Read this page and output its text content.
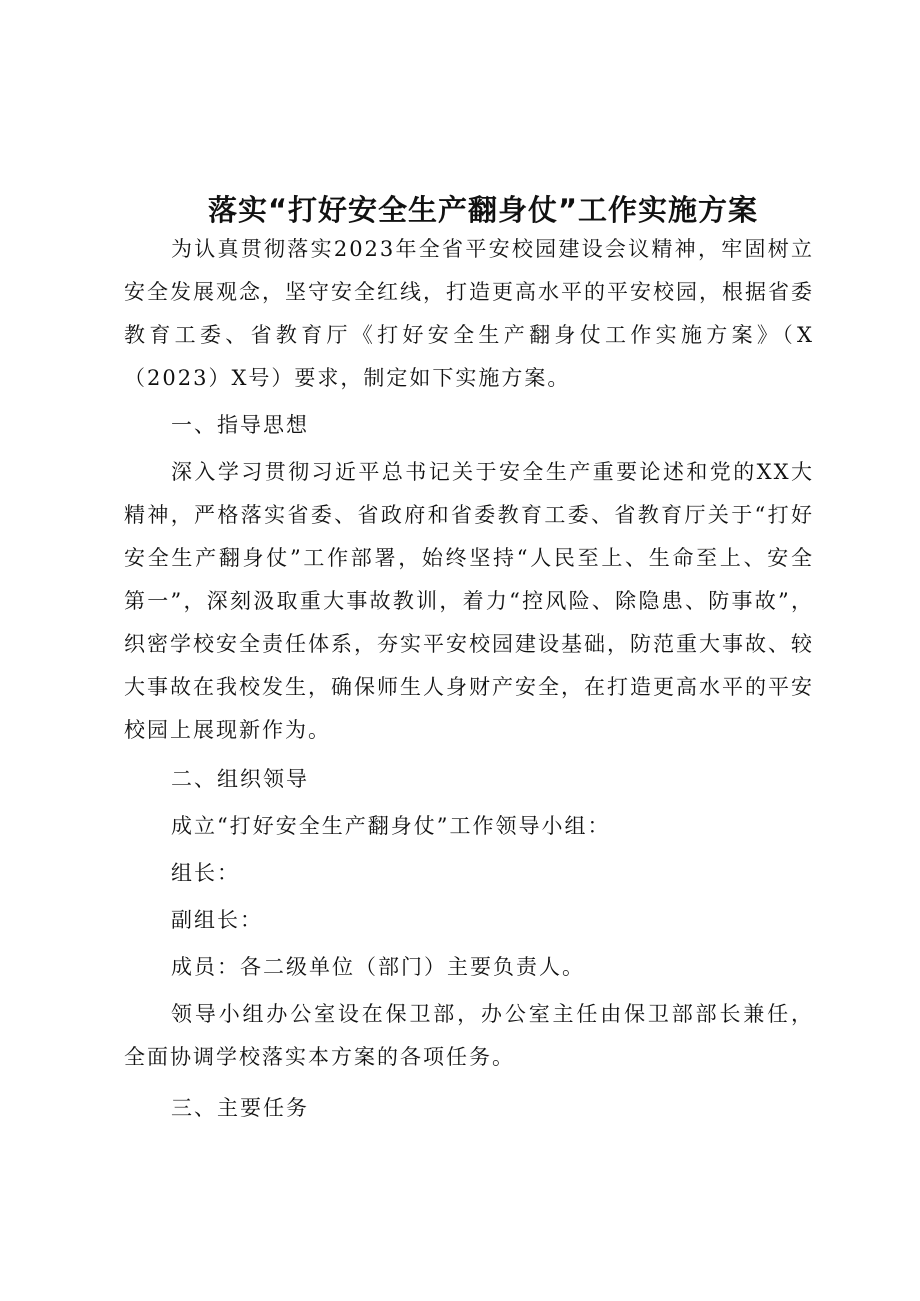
落实“打好安全生产翻身仗”工作实施方案

为认真贯彻落实2023年全省平安校园建设会议精神，牢固树立安全发展观念，坚守安全红线，打造更高水平的平安校园，根据省委教育工委、省教育厅《打好安全生产翻身仗工作实施方案》（X（2023）X号）要求，制定如下实施方案。

一、指导思想

深入学习贯彻习近平总书记关于安全生产重要论述和党的XX大精神，严格落实省委、省政府和省委教育工委、省教育厅关于“打好安全生产翻身仗”工作部署，始终坚持“人民至上、生命至上、安全第一”，深刻汲取重大事故教训，着力“控风险、除隐患、防事故”，织密学校安全责任体系，夯实平安校园建设基础，防范重大事故、较大事故在我校发生，确保师生人身财产安全，在打造更高水平的平安校园上展现新作为。

二、组织领导

成立“打好安全生产翻身仗”工作领导小组：

组长：

副组长：

成员：各二级单位（部门）主要负责人。

领导小组办公室设在保卫部，办公室主任由保卫部部长兼任，全面协调学校落实本方案的各项任务。

三、主要任务
